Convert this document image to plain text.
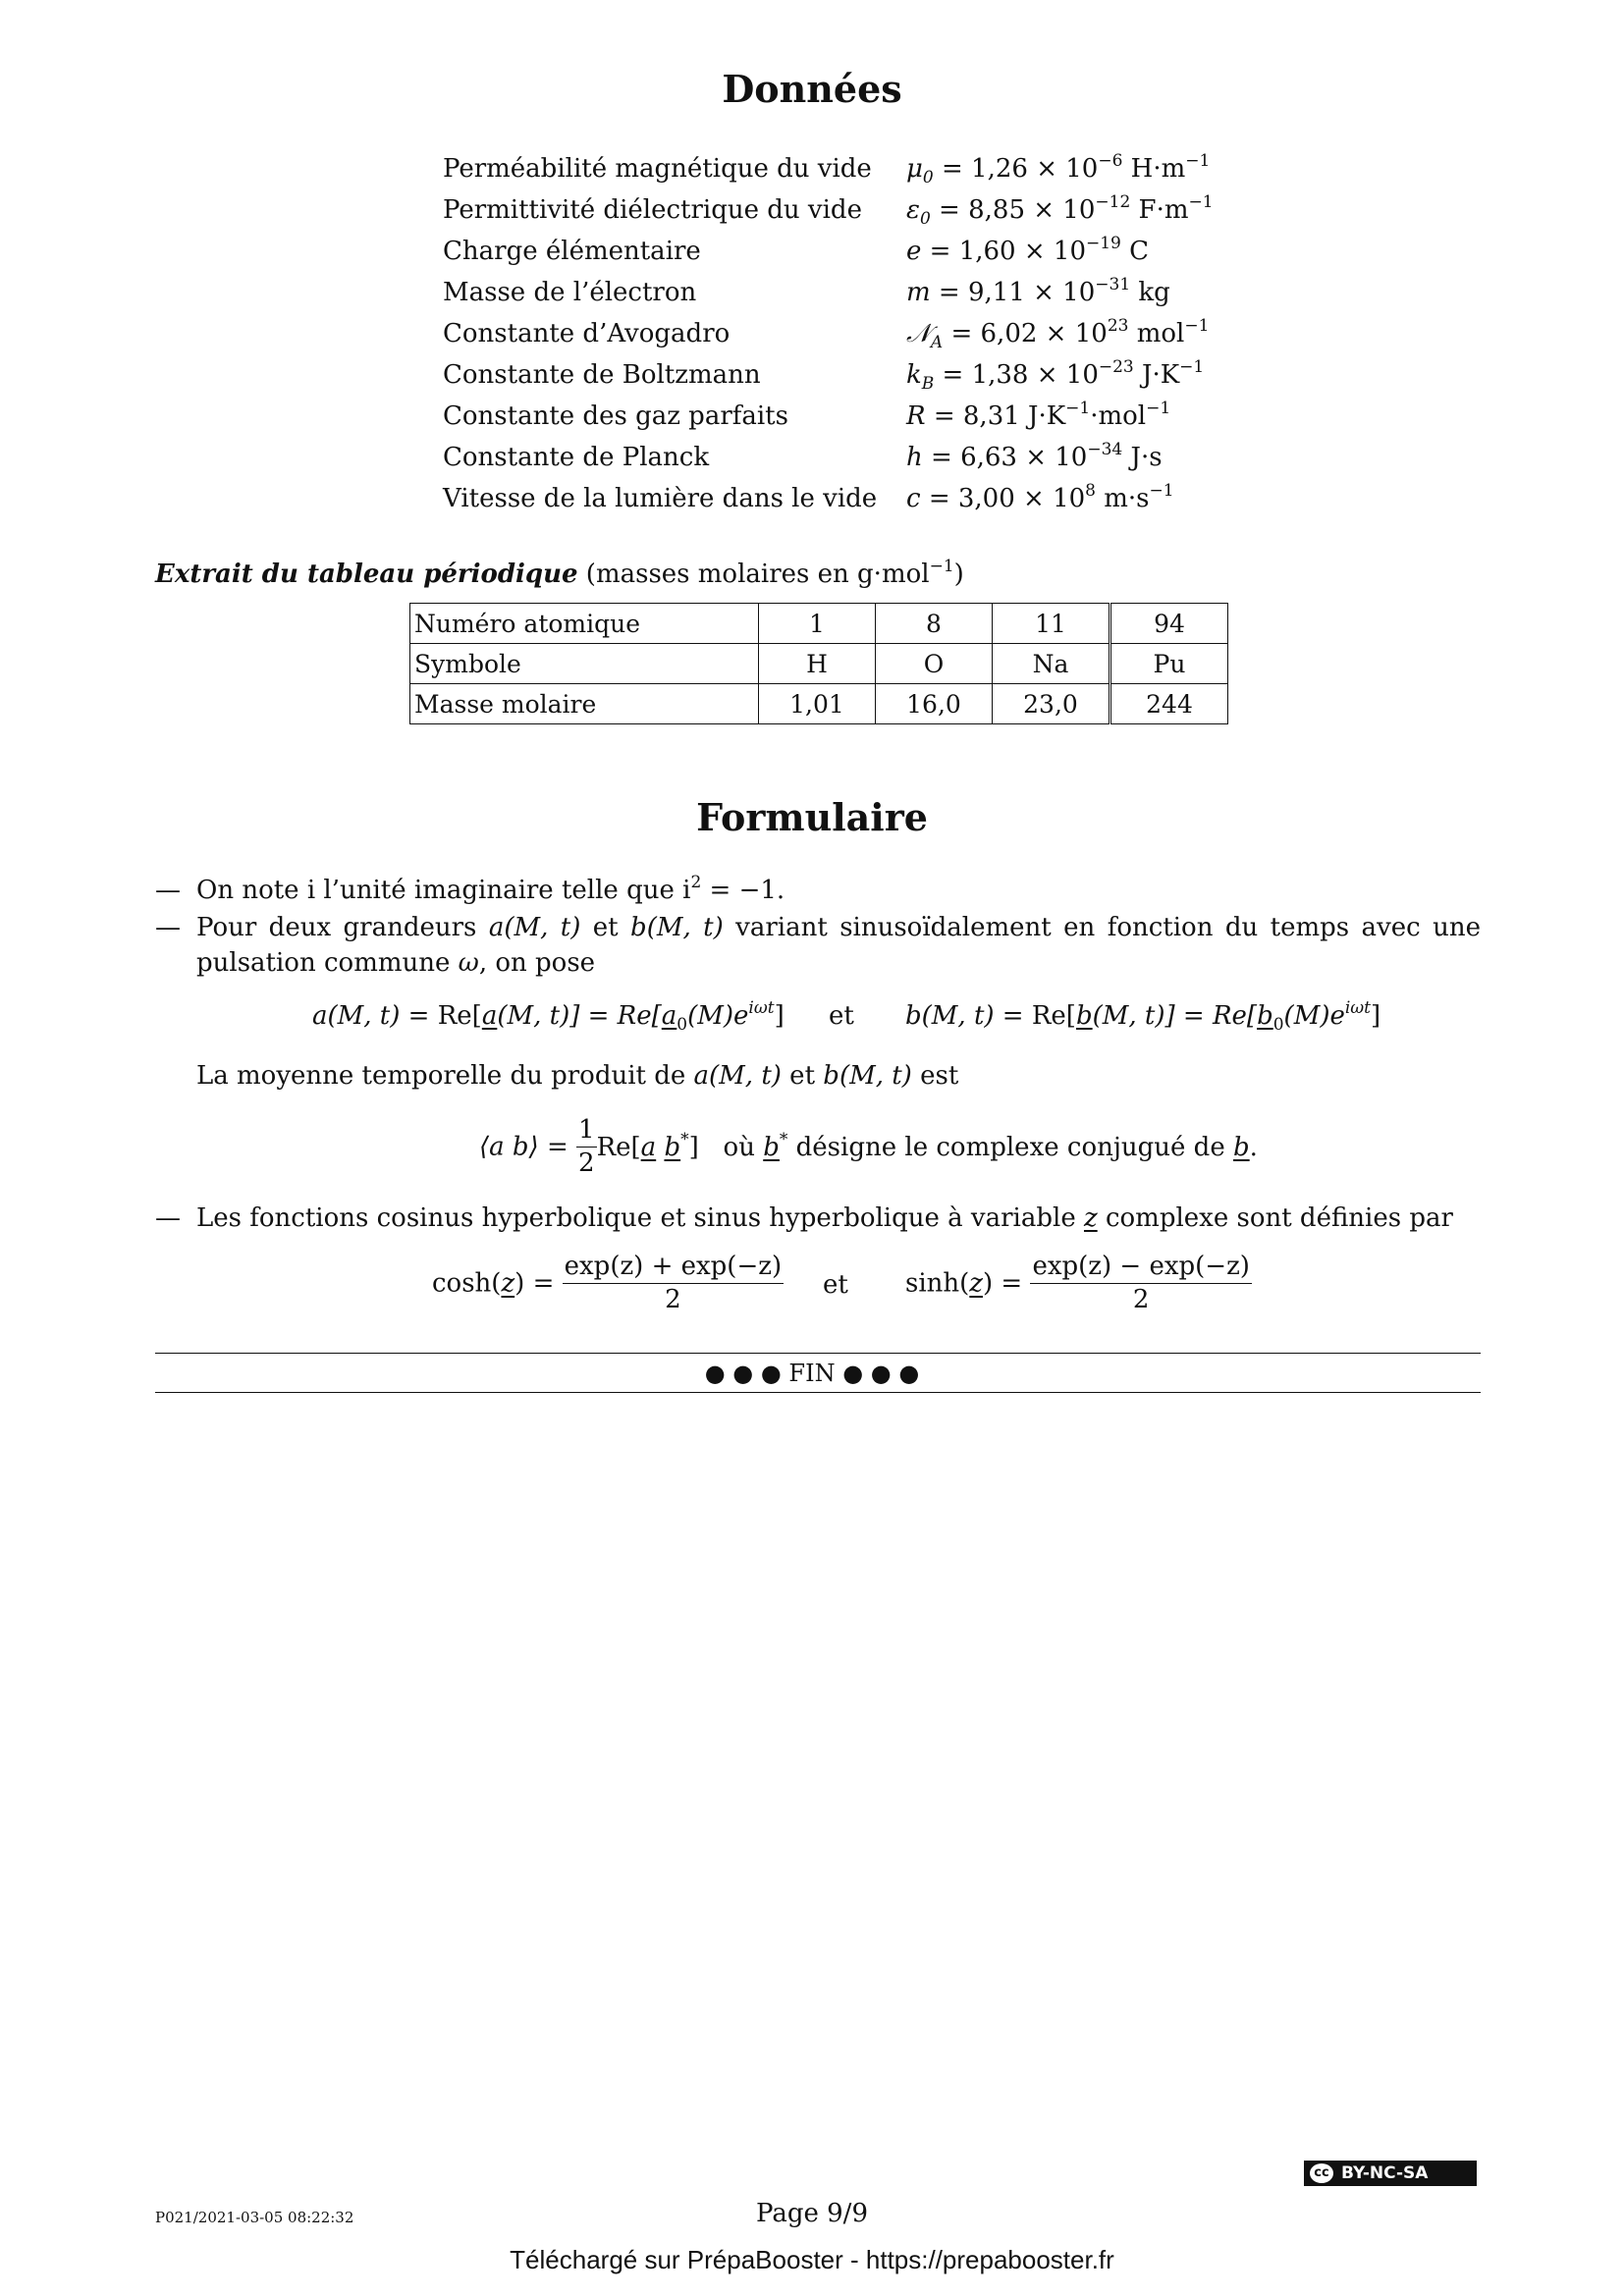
Données
Perméabilité magnétique du vide	$\mu_0 = 1,26 \times 10^{-6}$ $H\cdot m^{-1}$
Permittivité diélectrique du vide	$\varepsilon_0 = 8,85 \times 10^{-12}$ $F\cdot m^{-1}$
Charge élémentaire	$e = 1,60 \times 10^{-19}$ C
Masse de l’électron	$m = 9,11 \times 10^{-31}$ kg
Constante d’Avogadro	𝒩$_A$ = $6,02 \times 10^{23}$ mol$^{-1}$
Constante de Boltzmann	$k_B = 1,38 \times 10^{-23}$ $J\cdot K^{-1}$
Constante des gaz parfaits	R = 8,31 $J\cdot K^{-1}\cdot mol^{-1}$
Constante de Planck	$h = 6,63 \times 10^{-34}$ J·s
Vitesse de la lumière dans le vide	$c = 3,00 \times 10^8$ $m\cdot s^{-1}$
Extrait du tableau périodique (masses molaires en g·mol$^{-1}$)
Numéro atomique	1	8	11	94
Symbole	H	O	Na	Pu
Masse molaire	1,01	16,0	23,0	244
Formulaire
— On note i l’unité imaginaire telle que $i^2 = -1$.
— Pour deux grandeurs a(M, t) et b(M, t) variant sinusoïdalement en fonction du temps avec une pulsation commune ω, on pose
a(M, t) = Re[a(M, $t)] = Re[a_0(M)e^{i\omega t}]$ et b(M, t) = Re[b(M, $t)] = Re[b_0(M)e^{i\omega t}]$
La moyenne temporelle du produit de a(M, t) et b(M, t) est
⟨a b⟩ = $\frac{1}{2} Re[a$ b*]   où b* désigne le complexe conjugué de b.
— Les fonctions cosinus hyperbolique et sinus hyperbolique à variable z complexe sont définies par
$\cosh(z) = \frac{\exp(z) + \exp(-z)}{2}$ et $\sinh(z) = \frac{\exp(z) - \exp(-z)}{2}$
● ● ● FIN ● ● ●
P021/2021-03-05 08:22:32	Page 9/9
cc BY-NC-SA
Téléchargé sur PrépaBooster - https://prepabooster.fr
